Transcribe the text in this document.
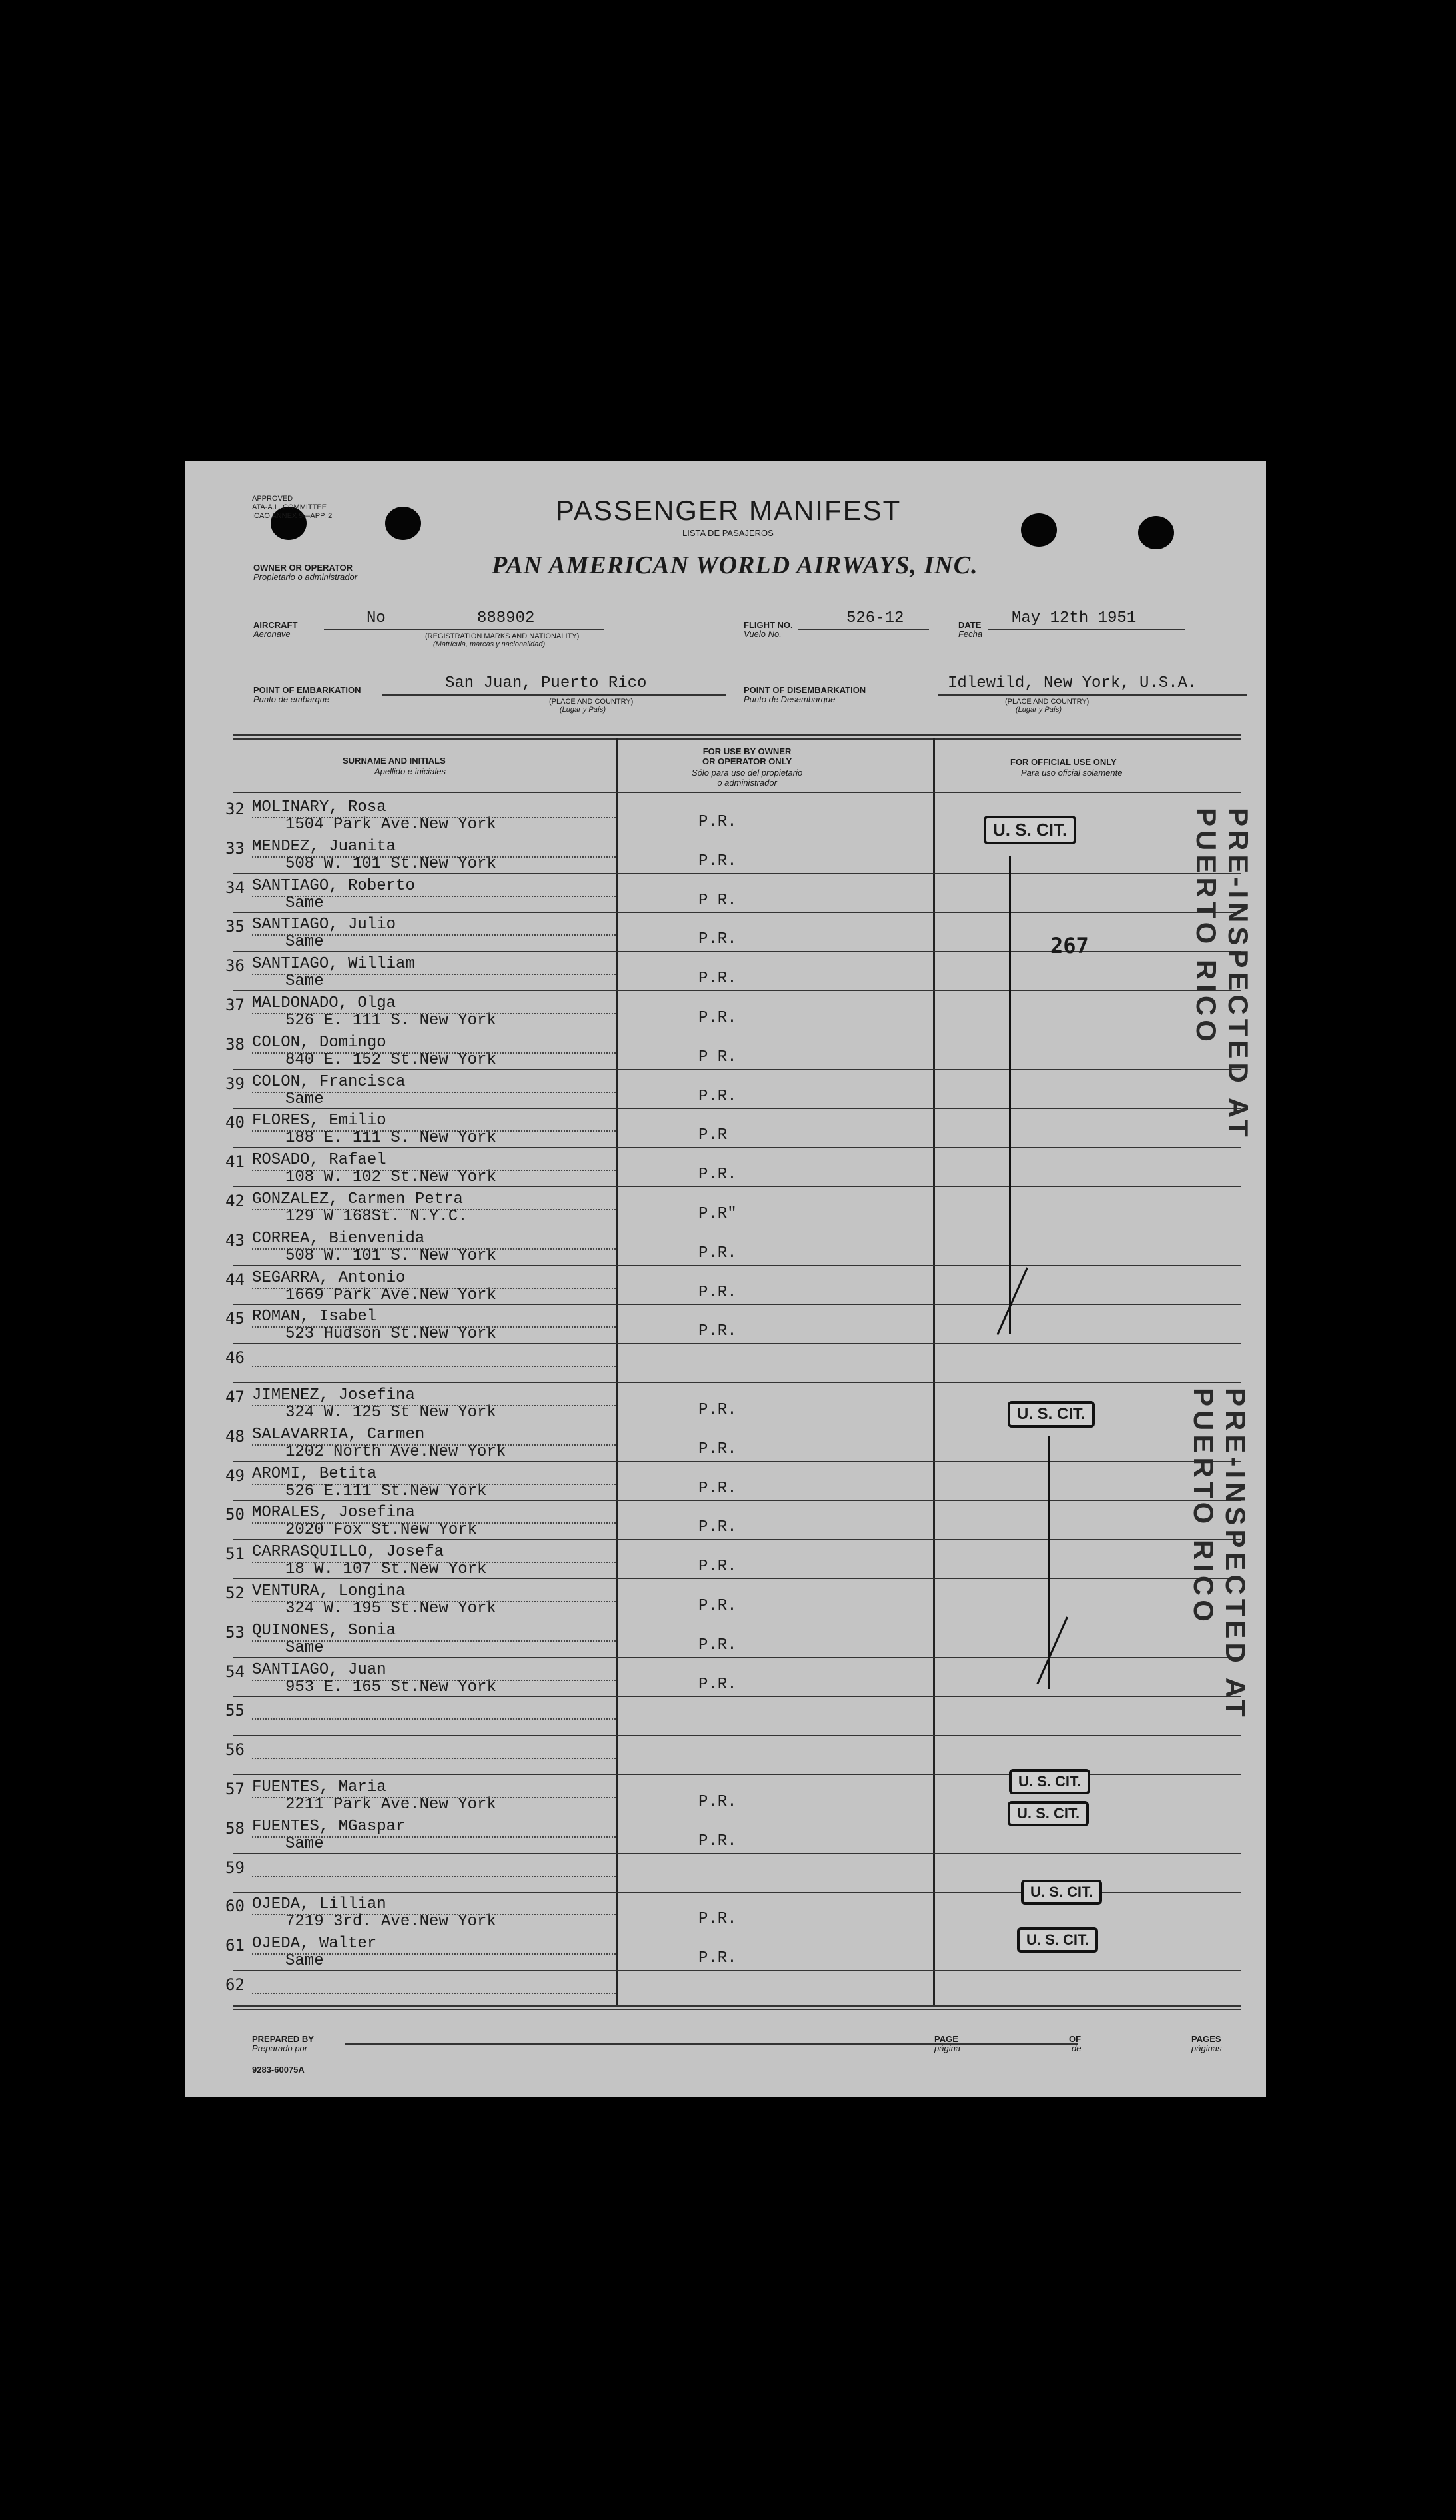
APPROVED
ATA-A.L. COMMITTEE
ICAO ANNEX 9—APP. 2	PASSENGER MANIFEST
LISTA DE PASAJEROS
OWNER OR OPERATOR
Propietario o administrador	PAN AMERICAN WORLD AIRWAYS, INC.
AIRCRAFT
Aeronave
No	888902
(REGISTRATION MARKS AND NATIONALITY)
(Matrícula, marcas y nacionalidad)
FLIGHT NO.
Vuelo No.
526-12	DATE
Fecha
May 12th 1951
POINT OF EMBARKATION
Punto de embarque
San Juan, Puerto Rico
(PLACE AND COUNTRY)
(Lugar y País)
POINT OF DISEMBARKATION
Punto de Desembarque
Idlewild, New York, U.S.A.
(PLACE AND COUNTRY)
(Lugar y País)
SURNAME AND INITIALS
Apellido e iniciales
FOR USE BY OWNER
OR OPERATOR ONLY
Sólo para uso del propietario
o administrador
FOR OFFICIAL USE ONLY
Para uso oficial solamente
32 MOLINARY, Rosa
1504 Park Ave.New York	P.R.
33 MENDEZ, Juanita
508 W. 101 St.New York	P.R.
34 SANTIAGO, Roberto
Same	P R.
35 SANTIAGO, Julio
Same	P.R.
36 SANTIAGO, William
Same	P.R.
37 MALDONADO, Olga
526 E. 111 S. New York	P.R.
38 COLON, Domingo
840 E. 152 St.New York	P R.
39 COLON, Francisca
Same	P.R.
40 FLORES, Emilio
188 E. 111 S. New York	P.R
41 ROSADO, Rafael
108 W. 102 St.New York	P.R.
42 GONZALEZ, Carmen Petra
129 W 168St. N.Y.C.	P.R"
43 CORREA, Bienvenida
508 W. 101 S. New York	P.R.
44 SEGARRA, Antonio
1669 Park Ave.New York	P.R.
45 ROMAN, Isabel
523 Hudson St.New York	P.R.
46
47 JIMENEZ, Josefina
324 W. 125 St New York	P.R.
48 SALAVARRIA, Carmen
1202 North Ave.New York	P.R.
49 AROMI, Betita
526 E.111 St.New York	P.R.
50 MORALES, Josefina
2020 Fox St.New York	P.R.
51 CARRASQUILLO, Josefa
18 W. 107 St.New York	P.R.
52 VENTURA, Longina
324 W. 195 St.New York	P.R.
53 QUINONES, Sonia
Same	P.R.
54 SANTIAGO, Juan
953 E. 165 St.New York	P.R.
55
56
57 FUENTES, Maria
2211 Park Ave.New York	P.R.
58 FUENTES, MGaspar
Same	P.R.
59
60 OJEDA, Lillian
7219 3rd. Ave.New York	P.R.
61 OJEDA, Walter
Same	P.R.
62
U. S. CIT.
267	PRE-INSPECTED AT PUERTO RICO
U. S. CIT.	PRE-INSPECTED AT PUERTO RICO
U. S. CIT.
U. S. CIT.
U. S. CIT.
U. S. CIT.
PREPARED BY
Preparado por
PAGE
página
OF
de
PAGES
páginas
9283-60075A
